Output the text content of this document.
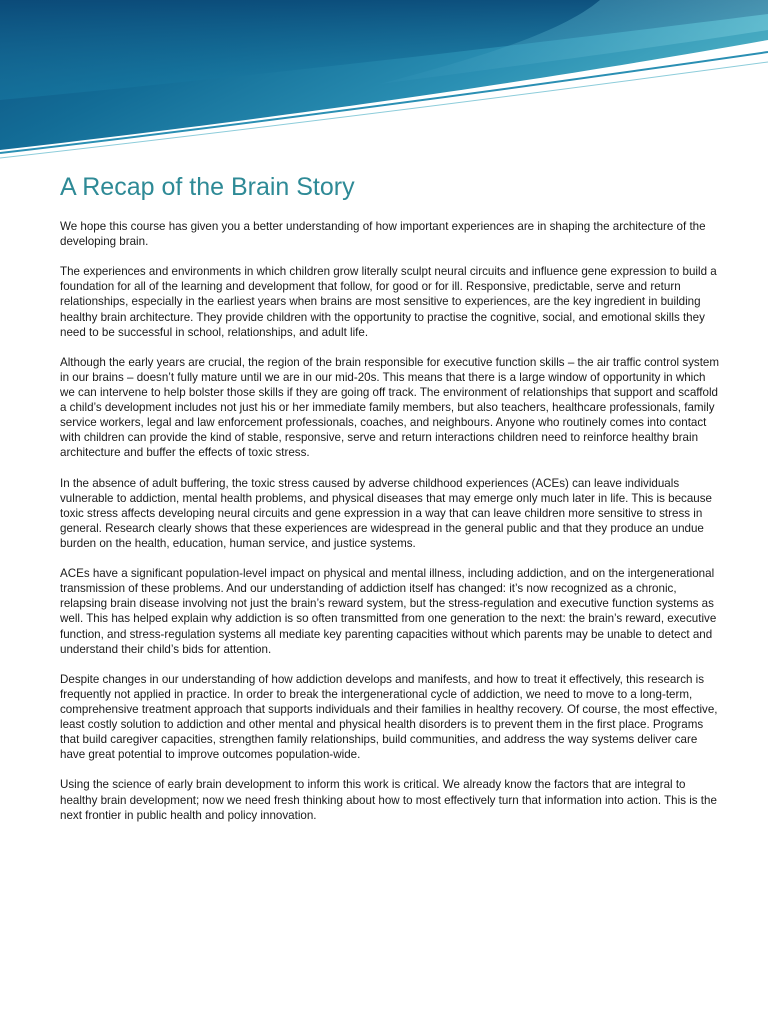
A Recap of the Brain Story

We hope this course has given you a better understanding of how important experiences are in shaping the architecture of the developing brain.

The experiences and environments in which children grow literally sculpt neural circuits and influence gene expression to build a foundation for all of the learning and development that follow, for good or for ill. Responsive, predictable, serve and return relationships, especially in the earliest years when brains are most sensitive to experiences, are the key ingredient in building healthy brain architecture. They provide children with the opportunity to practise the cognitive, social, and emotional skills they need to be successful in school, relationships, and adult life.

Although the early years are crucial, the region of the brain responsible for executive function skills – the air traffic control system in our brains – doesn’t fully mature until we are in our mid-20s. This means that there is a large window of opportunity in which we can intervene to help bolster those skills if they are going off track. The environment of relationships that support and scaffold a child’s development includes not just his or her immediate family members, but also teachers, healthcare professionals, family service workers, legal and law enforcement professionals, coaches, and neighbours. Anyone who routinely comes into contact with children can provide the kind of stable, responsive, serve and return interactions children need to reinforce healthy brain architecture and buffer the effects of toxic stress.

In the absence of adult buffering, the toxic stress caused by adverse childhood experiences (ACEs) can leave individuals vulnerable to addiction, mental health problems, and physical diseases that may emerge only much later in life. This is because toxic stress affects developing neural circuits and gene expression in a way that can leave children more sensitive to stress in general. Research clearly shows that these experiences are widespread in the general public and that they produce an undue burden on the health, education, human service, and justice systems.

ACEs have a significant population-level impact on physical and mental illness, including addiction, and on the intergenerational transmission of these problems. And our understanding of addiction itself has changed: it’s now recognized as a chronic, relapsing brain disease involving not just the brain’s reward system, but the stress-regulation and executive function systems as well. This has helped explain why addiction is so often transmitted from one generation to the next: the brain’s reward, executive function, and stress-regulation systems all mediate key parenting capacities without which parents may be unable to detect and understand their child’s bids for attention.

Despite changes in our understanding of how addiction develops and manifests, and how to treat it effectively, this research is frequently not applied in practice. In order to break the intergenerational cycle of addiction, we need to move to a long-term, comprehensive treatment approach that supports individuals and their families in healthy recovery. Of course, the most effective, least costly solution to addiction and other mental and physical health disorders is to prevent them in the first place. Programs that build caregiver capacities, strengthen family relationships, build communities, and address the way systems deliver care have great potential to improve outcomes population-wide.

Using the science of early brain development to inform this work is critical. We already know the factors that are integral to healthy brain development; now we need fresh thinking about how to most effectively turn that information into action. This is the next frontier in public health and policy innovation.
